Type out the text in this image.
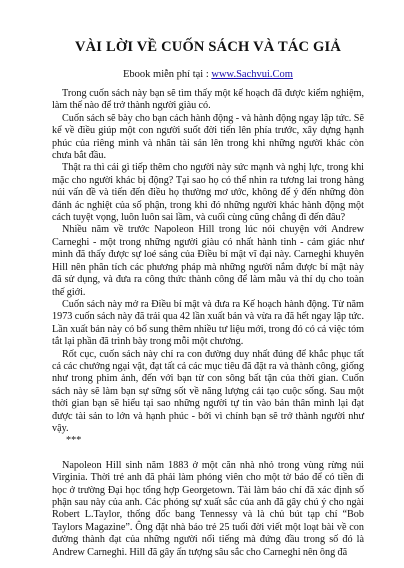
VÀI LỜI VỀ CUỐN SÁCH VÀ TÁC GIẢ
Ebook miễn phí tại : www.Sachvui.Com

Trong cuốn sách này bạn sẽ tìm thấy một kế hoạch đã được kiểm nghiệm, làm thế nào để trở thành người giàu có.

Cuốn sách sẽ bày cho bạn cách hành động - và hành động ngay lập tức. Sẽ kể về điều giúp một con người suốt đời tiến lên phía trước, xây dựng hạnh phúc của riêng mình và nhân tài sản lên trong khi những người khác còn chưa bắt đầu.

Thật ra thì cái gì tiếp thêm cho người này sức mạnh và nghị lực, trong khi mặc cho người khác bị động? Tại sao họ có thể nhìn ra tương lai trong hàng núi vấn đề và tiến đến điều họ thường mơ ước, không để ý đến những đòn đánh ác nghiệt của số phận, trong khi đó những người khác hành động một cách tuyệt vọng, luôn luôn sai lầm, và cuối cùng cũng chẳng đi đến đâu?

Nhiều năm về trước Napoleon Hill trong lúc nói chuyện với Andrew Carneghi - một trong những người giàu có nhất hành tinh - cảm giác như mình đã thấy được sự loé sáng của Điều bí mật vĩ đại này. Carneghi khuyên Hill nên phân tích các phương pháp mà những người nắm được bí mật này đã sử dụng, và đưa ra công thức thành công để làm mẫu và thí dụ cho toàn thế giới.

Cuốn sách này mở ra Điều bí mật và đưa ra Kế hoạch hành động. Từ năm 1973 cuốn sách này đã trải qua 42 lần xuất bản và vừa ra đã hết ngay lập tức. Lần xuất bản này có bổ sung thêm nhiều tư liệu mới, trong đó có cả việc tóm tắt lại phần đã trình bày trong mỗi một chương.

Rốt cục, cuốn sách này chỉ ra con đường duy nhất đúng để khắc phục tất cả các chướng ngại vật, đạt tất cả các mục tiêu đã đặt ra và thành công, giống như trong phim ảnh, đến với bạn từ con sông bất tận của thời gian. Cuốn sách này sẽ làm bạn sự sững sốt về năng lượng cải tạo cuộc sống. Sau một thời gian bạn sẽ hiểu tại sao những người tự tin vào bản thân mình lại đạt được tài sản to lớn và hạnh phúc - bởi vì chính bạn sẽ trở thành người như vậy.

***

Napoleon Hill sinh năm 1883 ở một căn nhà nhỏ trong vùng rừng núi Virginia. Thời trẻ anh đã phải làm phóng viên cho một tờ báo để có tiền đi học ở trường Đại học tổng hợp Georgetown. Tài làm báo chí đã xác định số phận sau này của anh. Các phóng sự xuất sắc của anh đã gây chú ý cho ngài Robert L.Taylor, thống đốc bang Tennessy và là chủ bút tạp chí “Bob Taylors Magazine”. Ông đặt nhà báo trẻ 25 tuổi đời viết một loạt bài về con đường thành đạt của những người nổi tiếng mà đứng đầu trong số đó là Andrew Carneghi. Hill đã gây ấn tượng sâu sắc cho Carneghi nên ông đã
